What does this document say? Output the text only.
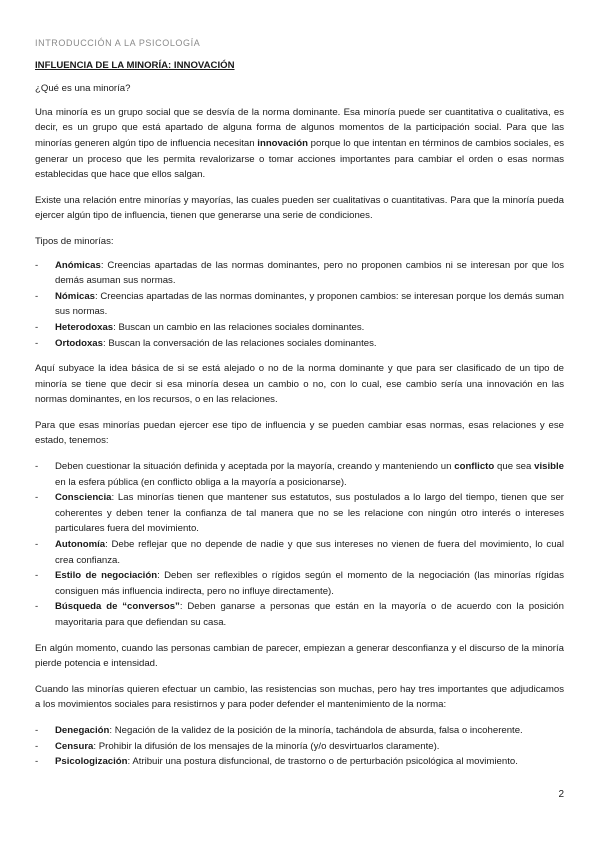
INTRODUCCIÓN A LA PSICOLOGÍA
INFLUENCIA DE LA MINORÍA: INNOVACIÓN

¿Qué es una minoría?

Una minoría es un grupo social que se desvía de la norma dominante. Esa minoría puede ser cuantitativa o cualitativa, es decir, es un grupo que está apartado de alguna forma de algunos momentos de la participación social. Para que las minorías generen algún tipo de influencia necesitan innovación porque lo que intentan en términos de cambios sociales, es generar un proceso que les permita revalorizarse o tomar acciones importantes para cambiar el orden o esas normas establecidas que hace que ellos salgan.

Existe una relación entre minorías y mayorías, las cuales pueden ser cualitativas o cuantitativas. Para que la minoría pueda ejercer algún tipo de influencia, tienen que generarse una serie de condiciones.

Tipos de minorías:

- Anómicas: Creencias apartadas de las normas dominantes, pero no proponen cambios ni se interesan por que los demás asuman sus normas.
- Nómicas: Creencias apartadas de las normas dominantes, y proponen cambios: se interesan porque los demás suman sus normas.
- Heterodoxas: Buscan un cambio en las relaciones sociales dominantes.
- Ortodoxas: Buscan la conversación de las relaciones sociales dominantes.

Aquí subyace la idea básica de si se está alejado o no de la norma dominante y que para ser clasificado de un tipo de minoría se tiene que decir si esa minoría desea un cambio o no, con lo cual, ese cambio sería una innovación en las normas dominantes, en los recursos, o en las relaciones.

Para que esas minorías puedan ejercer ese tipo de influencia y se pueden cambiar esas normas, esas relaciones y ese estado, tenemos:

- Deben cuestionar la situación definida y aceptada por la mayoría, creando y manteniendo un conflicto que sea visible en la esfera pública (en conflicto obliga a la mayoría a posicionarse).
- Consciencia: Las minorías tienen que mantener sus estatutos, sus postulados a lo largo del tiempo, tienen que ser coherentes y deben tener la confianza de tal manera que no se les relacione con ningún otro interés o intereses particulares fuera del movimiento.
- Autonomía: Debe reflejar que no depende de nadie y que sus intereses no vienen de fuera del movimiento, lo cual crea confianza.
- Estilo de negociación: Deben ser reflexibles o rígidos según el momento de la negociación (las minorías rígidas consiguen más influencia indirecta, pero no influye directamente).
- Búsqueda de “conversos”: Deben ganarse a personas que están en la mayoría o de acuerdo con la posición mayoritaria para que defiendan su casa.

En algún momento, cuando las personas cambian de parecer, empiezan a generar desconfianza y el discurso de la minoría pierde potencia e intensidad.

Cuando las minorías quieren efectuar un cambio, las resistencias son muchas, pero hay tres importantes que adjudicamos a los movimientos sociales para resistirnos y para poder defender el mantenimiento de la norma:

- Denegación: Negación de la validez de la posición de la minoría, tachándola de absurda, falsa o incoherente.
- Censura: Prohibir la difusión de los mensajes de la minoría (y/o desvirtuarlos claramente).
- Psicologización: Atribuir una postura disfuncional, de trastorno o de perturbación psicológica al movimiento.
2
